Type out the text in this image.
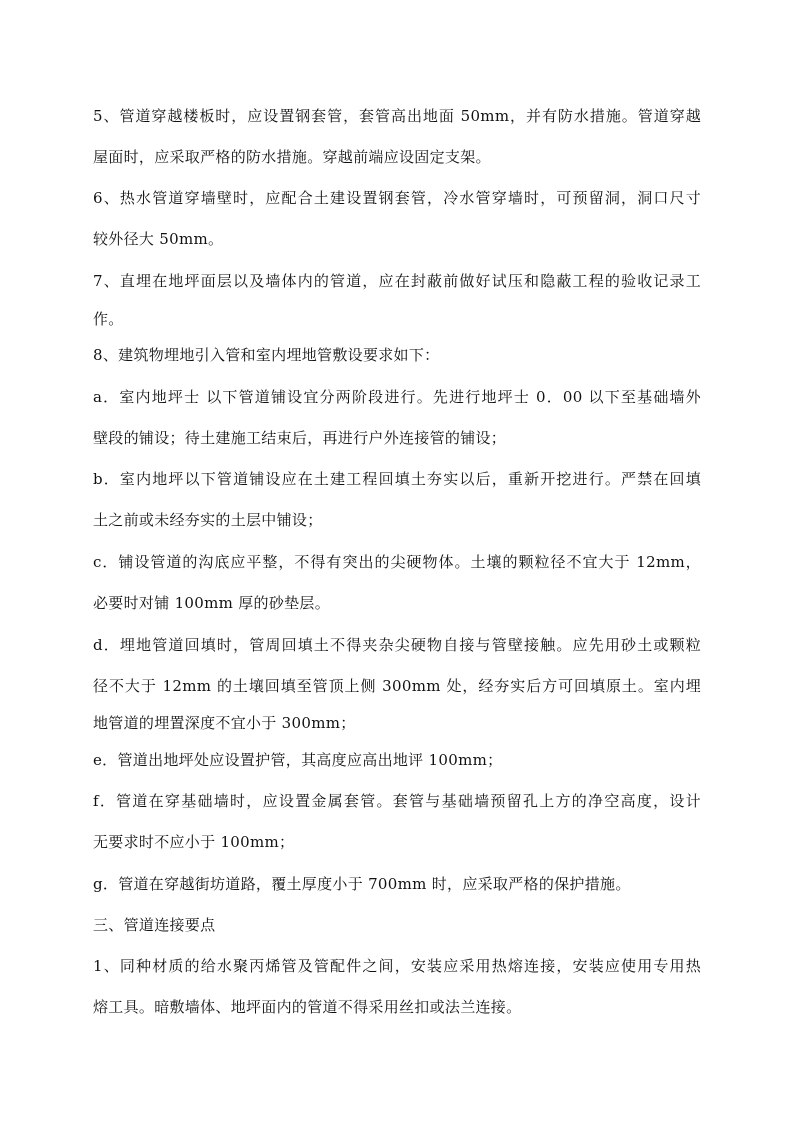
5、管道穿越楼板时，应设置钢套管，套管高出地面 50mm，并有防水措施。管道穿越
屋面时，应采取严格的防水措施。穿越前端应设固定支架。
6、热水管道穿墙壁时，应配合土建设置钢套管，冷水管穿墙时，可预留洞，洞口尺寸
较外径大 50mm。
7、直埋在地坪面层以及墙体内的管道，应在封蔽前做好试压和隐蔽工程的验收记录工
作。
8、建筑物埋地引入管和室内埋地管敷设要求如下：
a．室内地坪士 以下管道铺设宜分两阶段进行。先进行地坪士 0．00 以下至基础墙外
壁段的铺设；待土建施工结束后，再进行户外连接管的铺设；
b．室内地坪以下管道铺设应在土建工程回填土夯实以后，重新开挖进行。严禁在回填
土之前或未经夯实的土层中铺设；
c．铺设管道的沟底应平整，不得有突出的尖硬物体。土壤的颗粒径不宜大于 12mm，
必要时对铺 100mm 厚的砂垫层。
d．埋地管道回填时，管周回填土不得夹杂尖硬物自接与管壁接触。应先用砂土或颗粒
径不大于 12mm 的土壤回填至管顶上侧 300mm 处，经夯实后方可回填原土。室内埋
地管道的埋置深度不宜小于 300mm；
e．管道出地坪处应设置护管，其高度应高出地评 100mm；
f．管道在穿基础墙时，应设置金属套管。套管与基础墙预留孔上方的净空高度，设计
无要求时不应小于 100mm；
g．管道在穿越街坊道路，覆土厚度小于 700mm 时，应采取严格的保护措施。
三、管道连接要点
1、同种材质的给水聚丙烯管及管配件之间，安装应采用热熔连接，安装应使用专用热
熔工具。暗敷墙体、地坪面内的管道不得采用丝扣或法兰连接。
